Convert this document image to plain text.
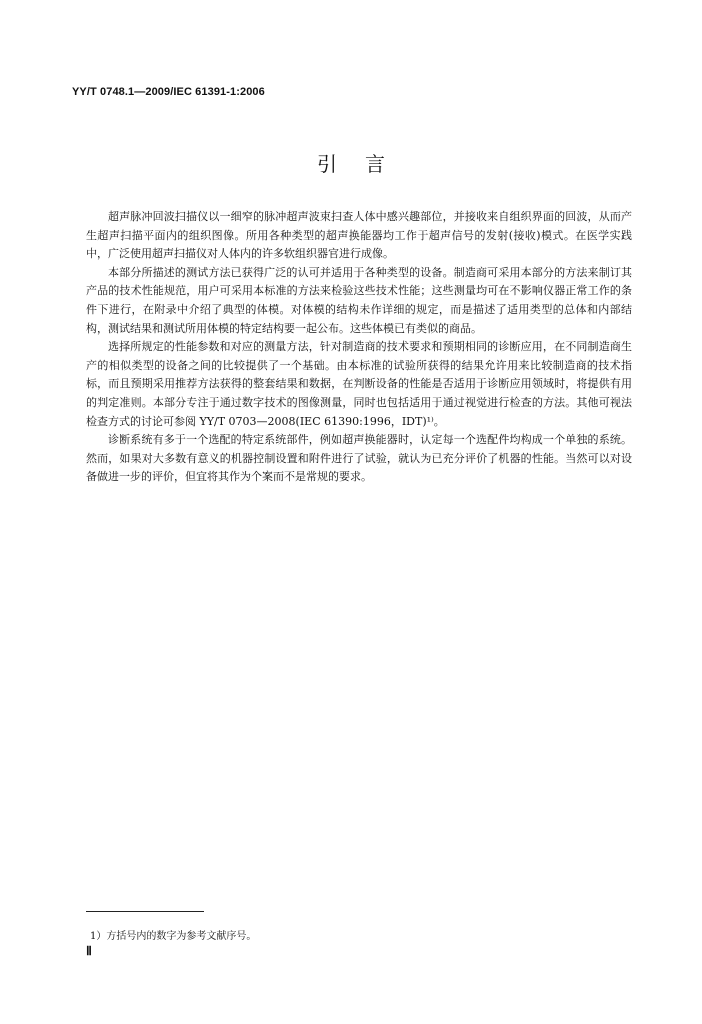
YY/T 0748.1—2009/IEC 61391-1:2006
引言

超声脉冲回波扫描仪以一细窄的脉冲超声波束扫查人体中感兴趣部位，并接收来自组织界面的回波，从而产生超声扫描平面内的组织图像。所用各种类型的超声换能器均工作于超声信号的发射(接收)模式。在医学实践中，广泛使用超声扫描仪对人体内的许多软组织器官进行成像。

本部分所描述的测试方法已获得广泛的认可并适用于各种类型的设备。制造商可采用本部分的方法来制订其产品的技术性能规范，用户可采用本标准的方法来检验这些技术性能；这些测量均可在不影响仪器正常工作的条件下进行，在附录中介绍了典型的体模。对体模的结构未作详细的规定，而是描述了适用类型的总体和内部结构，测试结果和测试所用体模的特定结构要一起公布。这些体模已有类似的商品。

选择所规定的性能参数和对应的测量方法，针对制造商的技术要求和预期相同的诊断应用，在不同制造商生产的相似类型的设备之间的比较提供了一个基础。由本标准的试验所获得的结果允许用来比较制造商的技术指标，而且预期采用推荐方法获得的整套结果和数据，在判断设备的性能是否适用于诊断应用领域时，将提供有用的判定准则。本部分专注于通过数字技术的图像测量，同时也包括适用于通过视觉进行检查的方法。其他可视法检查方式的讨论可参阅 YY/T 0703—2008(IEC 61390:1996，IDT)¹⁾。

诊断系统有多于一个选配的特定系统部件，例如超声换能器时，认定每一个选配件均构成一个单独的系统。然而，如果对大多数有意义的机器控制设置和附件进行了试验，就认为已充分评价了机器的性能。当然可以对设备做进一步的评价，但宜将其作为个案而不是常规的要求。

1）方括号内的数字为参考文献序号。
Ⅱ
